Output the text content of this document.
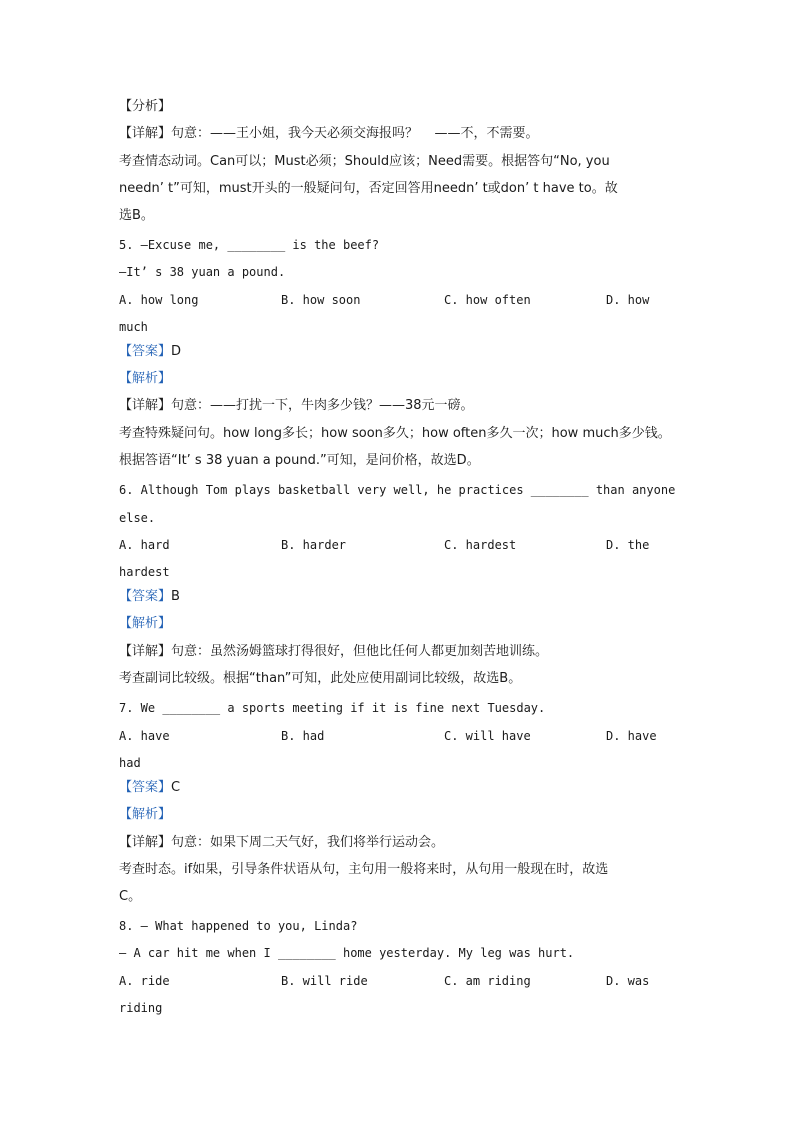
【分析】
【详解】句意：——王小姐，我今天必须交海报吗？    ——不，不需要。
考查情态动词。Can可以；Must必须；Should应该；Need需要。根据答句“No, you
needn’ t”可知，must开头的一般疑问句，否定回答用needn’ t或don’ t have to。故
选B。
5. —Excuse me, ________ is the beef?
—It’ s 38 yuan a pound.
A. how long	B. how soon	C. how often	D. how
much
【答案】D
【解析】
【详解】句意：——打扰一下，牛肉多少钱？——38元一磅。
考查特殊疑问句。how long多长；how soon多久；how often多久一次；how much多少钱。
根据答语“It’ s 38 yuan a pound.”可知，是问价格，故选D。
6. Although Tom plays basketball very well, he practices ________ than anyone
else.
A. hard	B. harder	C. hardest	D. the
hardest
【答案】B
【解析】
【详解】句意：虽然汤姆篮球打得很好，但他比任何人都更加刻苦地训练。
考查副词比较级。根据“than”可知，此处应使用副词比较级，故选B。
7. We ________ a sports meeting if it is fine next Tuesday.
A. have	B. had	C. will have	D. have
had
【答案】C
【解析】
【详解】句意：如果下周二天气好，我们将举行运动会。
考查时态。if如果，引导条件状语从句，主句用一般将来时，从句用一般现在时，故选
C。
8. — What happened to you, Linda?
— A car hit me when I ________ home yesterday. My leg was hurt.
A. ride	B. will ride	C. am riding	D. was
riding
